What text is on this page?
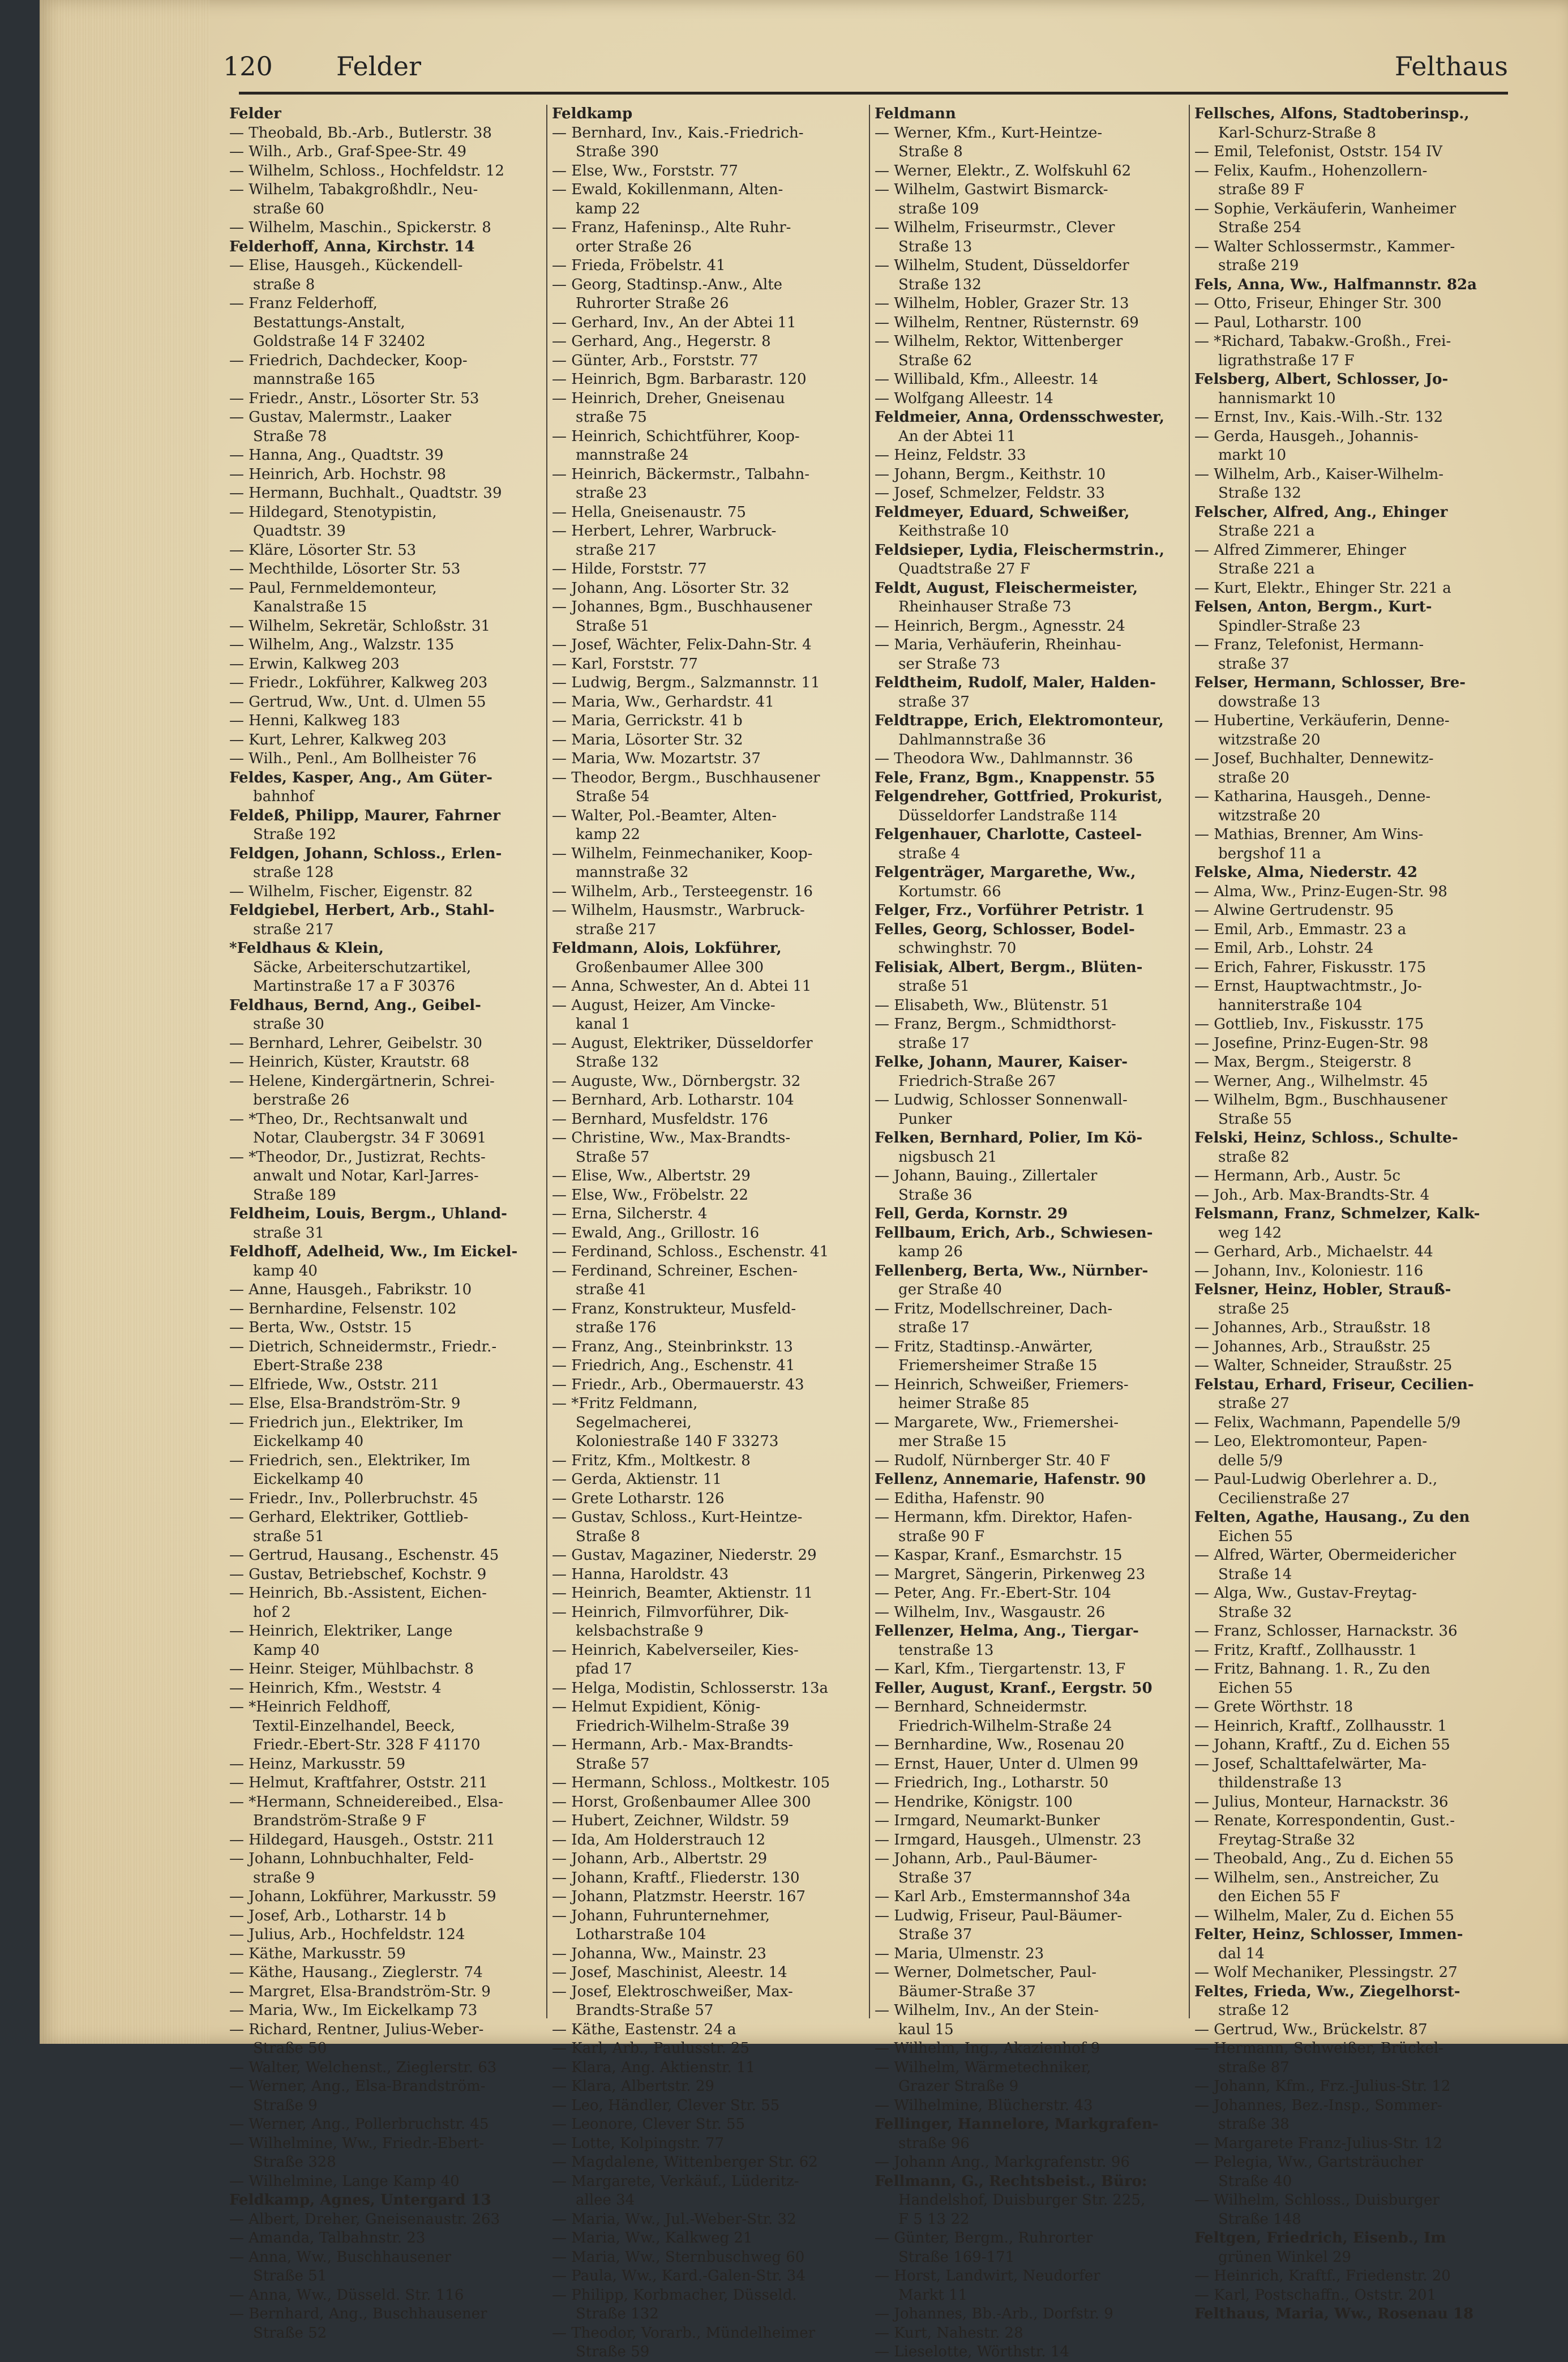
120 Felder	Felthaus
Felder
— Theobald, Bb.-Arb., Butlerstr. 38
— Wilh., Arb., Graf-Spee-Str. 49
— Wilhelm, Schloss., Hochfeldstr. 12
— Wilhelm, Tabakgroßhdlr., Neu-
straße 60
— Wilhelm, Maschin., Spickerstr. 8
Felderhoff, Anna, Kirchstr. 14
— Elise, Hausgeh., Kückendell-
straße 8
— Franz Felderhoff,
Bestattungs-Anstalt,
Goldstraße 14 F 32402
— Friedrich, Dachdecker, Koop-
mannstraße 165
— Friedr., Anstr., Lösorter Str. 53
— Gustav, Malermstr., Laaker
Straße 78
— Hanna, Ang., Quadtstr. 39
— Heinrich, Arb. Hochstr. 98
— Hermann, Buchhalt., Quadtstr. 39
— Hildegard, Stenotypistin,
Quadtstr. 39
— Kläre, Lösorter Str. 53
— Mechthilde, Lösorter Str. 53
— Paul, Fernmeldemonteur,
Kanalstraße 15
— Wilhelm, Sekretär, Schloßstr. 31
— Wilhelm, Ang., Walzstr. 135
— Erwin, Kalkweg 203
— Friedr., Lokführer, Kalkweg 203
— Gertrud, Ww., Unt. d. Ulmen 55
— Henni, Kalkweg 183
— Kurt, Lehrer, Kalkweg 203
— Wilh., Penl., Am Bollheister 76
Feldes, Kasper, Ang., Am Güter-
bahnhof
Feldeß, Philipp, Maurer, Fahrner
Straße 192
Feldgen, Johann, Schloss., Erlen-
straße 128
— Wilhelm, Fischer, Eigenstr. 82
Feldgiebel, Herbert, Arb., Stahl-
straße 217
*Feldhaus & Klein,
Säcke, Arbeiterschutzartikel,
Martinstraße 17 a F 30376
Feldhaus, Bernd, Ang., Geibel-
straße 30
— Bernhard, Lehrer, Geibelstr. 30
— Heinrich, Küster, Krautstr. 68
— Helene, Kindergärtnerin, Schrei-
berstraße 26
— *Theo, Dr., Rechtsanwalt und
Notar, Claubergstr. 34 F 30691
— *Theodor, Dr., Justizrat, Rechts-
anwalt und Notar, Karl-Jarres-
Straße 189
Feldheim, Louis, Bergm., Uhland-
straße 31
Feldhoff, Adelheid, Ww., Im Eickel-
kamp 40
— Anne, Hausgeh., Fabrikstr. 10
— Bernhardine, Felsenstr. 102
— Berta, Ww., Oststr. 15
— Dietrich, Schneidermstr., Friedr.-
Ebert-Straße 238
— Elfriede, Ww., Oststr. 211
— Else, Elsa-Brandström-Str. 9
— Friedrich jun., Elektriker, Im
Eickelkamp 40
— Friedrich, sen., Elektriker, Im
Eickelkamp 40
— Friedr., Inv., Pollerbruchstr. 45
— Gerhard, Elektriker, Gottlieb-
straße 51
— Gertrud, Hausang., Eschenstr. 45
— Gustav, Betriebschef, Kochstr. 9
— Heinrich, Bb.-Assistent, Eichen-
hof 2
— Heinrich, Elektriker, Lange
Kamp 40
— Heinr. Steiger, Mühlbachstr. 8
— Heinrich, Kfm., Weststr. 4
— *Heinrich Feldhoff,
Textil-Einzelhandel, Beeck,
Friedr.-Ebert-Str. 328 F 41170
— Heinz, Markusstr. 59
— Helmut, Kraftfahrer, Oststr. 211
— *Hermann, Schneidereibed., Elsa-
Brandström-Straße 9 F
— Hildegard, Hausgeh., Oststr. 211
— Johann, Lohnbuchhalter, Feld-
straße 9
— Johann, Lokführer, Markusstr. 59
— Josef, Arb., Lotharstr. 14 b
— Julius, Arb., Hochfeldstr. 124
— Käthe, Markusstr. 59
— Käthe, Hausang., Zieglerstr. 74
— Margret, Elsa-Brandström-Str. 9
— Maria, Ww., Im Eickelkamp 73
— Richard, Rentner, Julius-Weber-
Straße 50
— Walter, Welchenst., Zieglerstr. 63
— Werner, Ang., Elsa-Brandström-
Straße 9
— Werner, Ang., Pollerbruchstr. 45
— Wilhelmine, Ww., Friedr.-Ebert-
Straße 328
— Wilhelmine, Lange Kamp 40
Feldkamp, Agnes, Untergard 13
— Albert, Dreher, Gneisenaustr. 263
— Amanda, Talbahnstr. 23
— Anna, Ww., Buschhausener
Straße 51
— Anna, Ww., Düsseld. Str. 116
— Bernhard, Ang., Buschhausener
Straße 52
Feldkamp
— Bernhard, Inv., Kais.-Friedrich-
Straße 390
— Else, Ww., Forststr. 77
— Ewald, Kokillenmann, Alten-
kamp 22
— Franz, Hafeninsp., Alte Ruhr-
orter Straße 26
— Frieda, Fröbelstr. 41
— Georg, Stadtinsp.-Anw., Alte
Ruhrorter Straße 26
— Gerhard, Inv., An der Abtei 11
— Gerhard, Ang., Hegerstr. 8
— Günter, Arb., Forststr. 77
— Heinrich, Bgm. Barbarastr. 120
— Heinrich, Dreher, Gneisenau
straße 75
— Heinrich, Schichtführer, Koop-
mannstraße 24
— Heinrich, Bäckermstr., Talbahn-
straße 23
— Hella, Gneisenaustr. 75
— Herbert, Lehrer, Warbruck-
straße 217
— Hilde, Forststr. 77
— Johann, Ang. Lösorter Str. 32
— Johannes, Bgm., Buschhausener
Straße 51
— Josef, Wächter, Felix-Dahn-Str. 4
— Karl, Forststr. 77
— Ludwig, Bergm., Salzmannstr. 11
— Maria, Ww., Gerhardstr. 41
— Maria, Gerrickstr. 41 b
— Maria, Lösorter Str. 32
— Maria, Ww. Mozartstr. 37
— Theodor, Bergm., Buschhausener
Straße 54
— Walter, Pol.-Beamter, Alten-
kamp 22
— Wilhelm, Feinmechaniker, Koop-
mannstraße 32
— Wilhelm, Arb., Tersteegenstr. 16
— Wilhelm, Hausmstr., Warbruck-
straße 217
Feldmann, Alois, Lokführer,
Großenbaumer Allee 300
— Anna, Schwester, An d. Abtei 11
— August, Heizer, Am Vincke-
kanal 1
— August, Elektriker, Düsseldorfer
Straße 132
— Auguste, Ww., Dörnbergstr. 32
— Bernhard, Arb. Lotharstr. 104
— Bernhard, Musfeldstr. 176
— Christine, Ww., Max-Brandts-
Straße 57
— Elise, Ww., Albertstr. 29
— Else, Ww., Fröbelstr. 22
— Erna, Silcherstr. 4
— Ewald, Ang., Grillostr. 16
— Ferdinand, Schloss., Eschenstr. 41
— Ferdinand, Schreiner, Eschen-
straße 41
— Franz, Konstrukteur, Musfeld-
straße 176
— Franz, Ang., Steinbrinkstr. 13
— Friedrich, Ang., Eschenstr. 41
— Friedr., Arb., Obermauerstr. 43
— *Fritz Feldmann,
Segelmacherei,
Koloniestraße 140 F 33273
— Fritz, Kfm., Moltkestr. 8
— Gerda, Aktienstr. 11
— Grete Lotharstr. 126
— Gustav, Schloss., Kurt-Heintze-
Straße 8
— Gustav, Magaziner, Niederstr. 29
— Hanna, Haroldstr. 43
— Heinrich, Beamter, Aktienstr. 11
— Heinrich, Filmvorführer, Dik-
kelsbachstraße 9
— Heinrich, Kabelverseiler, Kies-
pfad 17
— Helga, Modistin, Schlosserstr. 13a
— Helmut Expidient, König-
Friedrich-Wilhelm-Straße 39
— Hermann, Arb.- Max-Brandts-
Straße 57
— Hermann, Schloss., Moltkestr. 105
— Horst, Großenbaumer Allee 300
— Hubert, Zeichner, Wildstr. 59
— Ida, Am Holderstrauch 12
— Johann, Arb., Albertstr. 29
— Johann, Kraftf., Fliederstr. 130
— Johann, Platzmstr. Heerstr. 167
— Johann, Fuhrunternehmer,
Lotharstraße 104
— Johanna, Ww., Mainstr. 23
— Josef, Maschinist, Aleestr. 14
— Josef, Elektroschweißer, Max-
Brandts-Straße 57
— Käthe, Eastenstr. 24 a
— Karl, Arb., Paulusstr. 25
— Klara, Ang. Aktienstr. 11
— Klara, Albertstr. 29
— Leo, Händler, Clever Str. 55
— Leonore, Clever Str. 55
— Lotte, Kolpingstr. 77
— Magdalene, Wittenberger Str. 62
— Margarete, Verkäuf., Lüderitz-
allee 34
— Maria, Ww., Jul.-Weber-Str. 32
— Maria, Ww., Kalkweg 21
— Maria, Ww., Sternbuschweg 60
— Paula, Ww., Kard.-Galen-Str. 34
— Philipp, Korbmacher, Düsseld.
Straße 132
— Theodor, Vorarb., Mündelheimer
Straße 59
Feldmann
— Werner, Kfm., Kurt-Heintze-
Straße 8
— Werner, Elektr., Z. Wolfskuhl 62
— Wilhelm, Gastwirt Bismarck-
straße 109
— Wilhelm, Friseurmstr., Clever
Straße 13
— Wilhelm, Student, Düsseldorfer
Straße 132
— Wilhelm, Hobler, Grazer Str. 13
— Wilhelm, Rentner, Rüsternstr. 69
— Wilhelm, Rektor, Wittenberger
Straße 62
— Willibald, Kfm., Alleestr. 14
— Wolfgang Alleestr. 14
Feldmeier, Anna, Ordensschwester,
An der Abtei 11
— Heinz, Feldstr. 33
— Johann, Bergm., Keithstr. 10
— Josef, Schmelzer, Feldstr. 33
Feldmeyer, Eduard, Schweißer,
Keithstraße 10
Feldsieper, Lydia, Fleischermstrin.,
Quadtstraße 27 F
Feldt, August, Fleischermeister,
Rheinhauser Straße 73
— Heinrich, Bergm., Agnesstr. 24
— Maria, Verhäuferin, Rheinhau-
ser Straße 73
Feldtheim, Rudolf, Maler, Halden-
straße 37
Feldtrappe, Erich, Elektromonteur,
Dahlmannstraße 36
— Theodora Ww., Dahlmannstr. 36
Fele, Franz, Bgm., Knappenstr. 55
Felgendreher, Gottfried, Prokurist,
Düsseldorfer Landstraße 114
Felgenhauer, Charlotte, Casteel-
straße 4
Felgenträger, Margarethe, Ww.,
Kortumstr. 66
Felger, Frz., Vorführer Petristr. 1
Felles, Georg, Schlosser, Bodel-
schwinghstr. 70
Felisiak, Albert, Bergm., Blüten-
straße 51
— Elisabeth, Ww., Blütenstr. 51
— Franz, Bergm., Schmidthorst-
straße 17
Felke, Johann, Maurer, Kaiser-
Friedrich-Straße 267
— Ludwig, Schlosser Sonnenwall-
Punker
Felken, Bernhard, Polier, Im Kö-
nigsbusch 21
— Johann, Bauing., Zillertaler
Straße 36
Fell, Gerda, Kornstr. 29
Fellbaum, Erich, Arb., Schwiesen-
kamp 26
Fellenberg, Berta, Ww., Nürnber-
ger Straße 40
— Fritz, Modellschreiner, Dach-
straße 17
— Fritz, Stadtinsp.-Anwärter,
Friemersheimer Straße 15
— Heinrich, Schweißer, Friemers-
heimer Straße 85
— Margarete, Ww., Friemershei-
mer Straße 15
— Rudolf, Nürnberger Str. 40 F
Fellenz, Annemarie, Hafenstr. 90
— Editha, Hafenstr. 90
— Hermann, kfm. Direktor, Hafen-
straße 90 F
— Kaspar, Kranf., Esmarchstr. 15
— Margret, Sängerin, Pirkenweg 23
— Peter, Ang. Fr.-Ebert-Str. 104
— Wilhelm, Inv., Wasgaustr. 26
Fellenzer, Helma, Ang., Tiergar-
tenstraße 13
— Karl, Kfm., Tiergartenstr. 13, F
Feller, August, Kranf., Eergstr. 50
— Bernhard, Schneidermstr.
Friedrich-Wilhelm-Straße 24
— Bernhardine, Ww., Rosenau 20
— Ernst, Hauer, Unter d. Ulmen 99
— Friedrich, Ing., Lotharstr. 50
— Hendrike, Königstr. 100
— Irmgard, Neumarkt-Bunker
— Irmgard, Hausgeh., Ulmenstr. 23
— Johann, Arb., Paul-Bäumer-
Straße 37
— Karl Arb., Emstermannshof 34a
— Ludwig, Friseur, Paul-Bäumer-
Straße 37
— Maria, Ulmenstr. 23
— Werner, Dolmetscher, Paul-
Bäumer-Straße 37
— Wilhelm, Inv., An der Stein-
kaul 15
— Wilhelm, Ing., Akazienhof 9
— Wilhelm, Wärmetechniker,
Grazer Straße 9
— Wilhelmine, Blücherstr. 43
Fellinger, Hannelore, Markgrafen-
straße 96
— Johann Ang., Markgrafenstr. 96
Fellmann, G., Rechtsbeist., Büro:
Handelshof, Duisburger Str. 225,
F 5 13 22
— Günter, Bergm., Ruhrorter
Straße 169-171
— Horst, Landwirt, Neudorfer
Markt 11
— Johannes, Bb.-Arb., Dorfstr. 9
— Kurt, Nahestr. 28
— Lieselotte, Wörthstr. 14
Fellsches, Alfons, Stadtoberinsp.,
Karl-Schurz-Straße 8
— Emil, Telefonist, Oststr. 154 IV
— Felix, Kaufm., Hohenzollern-
straße 89 F
— Sophie, Verkäuferin, Wanheimer
Straße 254
— Walter Schlossermstr., Kammer-
straße 219
Fels, Anna, Ww., Halfmannstr. 82a
— Otto, Friseur, Ehinger Str. 300
— Paul, Lotharstr. 100
— *Richard, Tabakw.-Großh., Frei-
ligrathstraße 17 F
Felsberg, Albert, Schlosser, Jo-
hannismarkt 10
— Ernst, Inv., Kais.-Wilh.-Str. 132
— Gerda, Hausgeh., Johannis-
markt 10
— Wilhelm, Arb., Kaiser-Wilhelm-
Straße 132
Felscher, Alfred, Ang., Ehinger
Straße 221 a
— Alfred Zimmerer, Ehinger
Straße 221 a
— Kurt, Elektr., Ehinger Str. 221 a
Felsen, Anton, Bergm., Kurt-
Spindler-Straße 23
— Franz, Telefonist, Hermann-
straße 37
Felser, Hermann, Schlosser, Bre-
dowstraße 13
— Hubertine, Verkäuferin, Denne-
witzstraße 20
— Josef, Buchhalter, Dennewitz-
straße 20
— Katharina, Hausgeh., Denne-
witzstraße 20
— Mathias, Brenner, Am Wins-
bergshof 11 a
Felske, Alma, Niederstr. 42
— Alma, Ww., Prinz-Eugen-Str. 98
— Alwine Gertrudenstr. 95
— Emil, Arb., Emmastr. 23 a
— Emil, Arb., Lohstr. 24
— Erich, Fahrer, Fiskusstr. 175
— Ernst, Hauptwachtmstr., Jo-
hanniterstraße 104
— Gottlieb, Inv., Fiskusstr. 175
— Josefine, Prinz-Eugen-Str. 98
— Max, Bergm., Steigerstr. 8
— Werner, Ang., Wilhelmstr. 45
— Wilhelm, Bgm., Buschhausener
Straße 55
Felski, Heinz, Schloss., Schulte-
straße 82
— Hermann, Arb., Austr. 5c
— Joh., Arb. Max-Brandts-Str. 4
Felsmann, Franz, Schmelzer, Kalk-
weg 142
— Gerhard, Arb., Michaelstr. 44
— Johann, Inv., Koloniestr. 116
Felsner, Heinz, Hobler, Strauß-
straße 25
— Johannes, Arb., Straußstr. 18
— Johannes, Arb., Straußstr. 25
— Walter, Schneider, Straußstr. 25
Felstau, Erhard, Friseur, Cecilien-
straße 27
— Felix, Wachmann, Papendelle 5/9
— Leo, Elektromonteur, Papen-
delle 5/9
— Paul-Ludwig Oberlehrer a. D.,
Cecilienstraße 27
Felten, Agathe, Hausang., Zu den
Eichen 55
— Alfred, Wärter, Obermeidericher
Straße 14
— Alga, Ww., Gustav-Freytag-
Straße 32
— Franz, Schlosser, Harnackstr. 36
— Fritz, Kraftf., Zollhausstr. 1
— Fritz, Bahnang. 1. R., Zu den
Eichen 55
— Grete Wörthstr. 18
— Heinrich, Kraftf., Zollhausstr. 1
— Johann, Kraftf., Zu d. Eichen 55
— Josef, Schalttafelwärter, Ma-
thildenstraße 13
— Julius, Monteur, Harnackstr. 36
— Renate, Korrespondentin, Gust.-
Freytag-Straße 32
— Theobald, Ang., Zu d. Eichen 55
— Wilhelm, sen., Anstreicher, Zu
den Eichen 55 F
— Wilhelm, Maler, Zu d. Eichen 55
Felter, Heinz, Schlosser, Immen-
dal 14
— Wolf Mechaniker, Plessingstr. 27
Feltes, Frieda, Ww., Ziegelhorst-
straße 12
— Gertrud, Ww., Brückelstr. 87
— Hermann, Schweißer, Brückel-
straße 87
— Johann, Kfm., Frz.-Julius-Str. 12
— Johannes, Bez.-Insp., Sommer-
straße 38
— Margarete Franz-Julius-Str. 12
— Pelegia, Ww., Gartsträucher
Straße 40
— Wilhelm, Schloss., Duisburger
Straße 148
Feltgen, Friedrich, Eisenb., Im
grünen Winkel 29
— Heinrich, Kraftf., Friedenstr. 20
— Karl, Postschaffn., Oststr. 201
Felthaus, Maria, Ww., Rosenau 18
